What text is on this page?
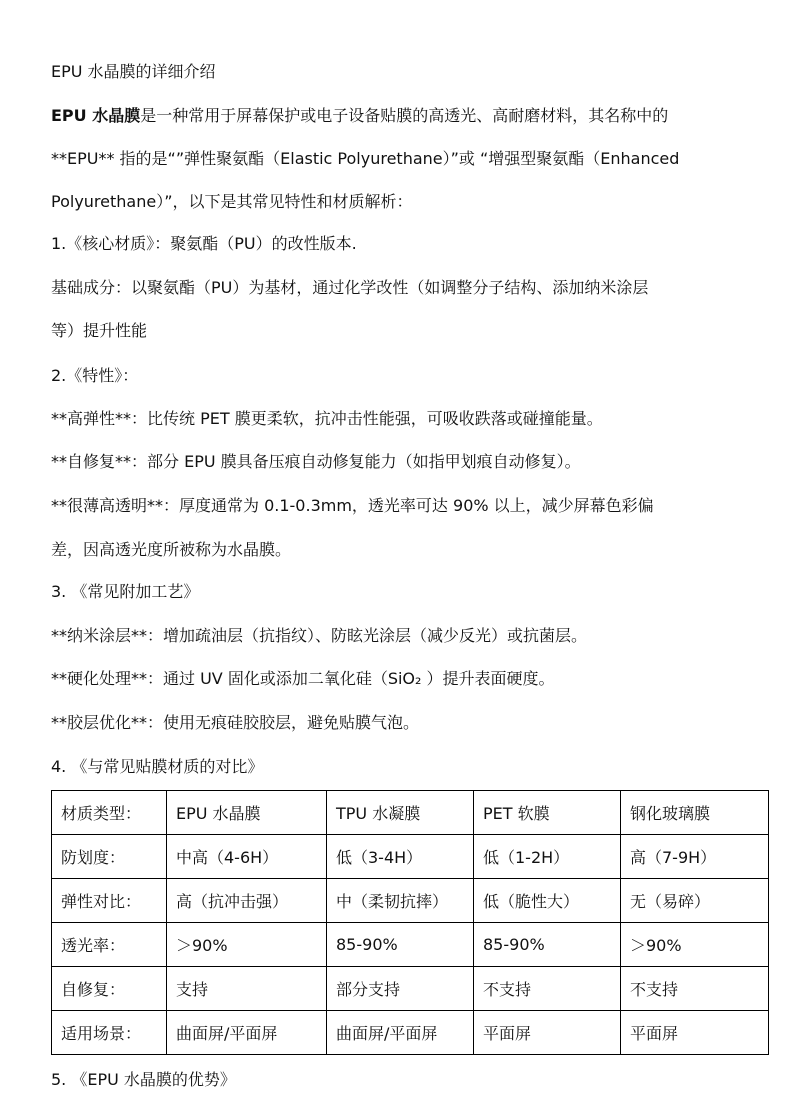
EPU 水晶膜的详细介绍
EPU 水晶膜是一种常用于屏幕保护或电子设备贴膜的高透光、高耐磨材料，其名称中的
**EPU** 指的是“”弹性聚氨酯（Elastic Polyurethane）”或 “增强型聚氨酯（Enhanced
Polyurethane）”，以下是其常见特性和材质解析：
1.《核心材质》：聚氨酯（PU）的改性版本.
基础成分：以聚氨酯（PU）为基材，通过化学改性（如调整分子结构、添加纳米涂层
等）提升性能
2.《特性》：
**高弹性**：比传统 PET 膜更柔软，抗冲击性能强，可吸收跌落或碰撞能量。
**自修复**：部分 EPU 膜具备压痕自动修复能力（如指甲划痕自动修复）。
**很薄高透明**：厚度通常为 0.1-0.3mm，透光率可达 90% 以上，减少屏幕色彩偏
差，因高透光度所被称为水晶膜。
3. 《常见附加工艺》
**纳米涂层**：增加疏油层（抗指纹）、防眩光涂层（减少反光）或抗菌层。
**硬化处理**：通过 UV 固化或添加二氧化硅（SiO₂ ）提升表面硬度。
**胶层优化**：使用无痕硅胶胶层，避免贴膜气泡。
4. 《与常见贴膜材质的对比》
材质类型：	EPU 水晶膜	TPU 水凝膜	PET 软膜	钢化玻璃膜
防划度：	中高（4-6H）	低（3-4H）	低（1-2H）	高（7-9H）
弹性对比：	高（抗冲击强）	中（柔韧抗摔）	低（脆性大）	无（易碎）
透光率：	＞90%	85-90%	85-90%	＞90%
自修复：	支持	部分支持	不支持	不支持
适用场景：	曲面屏/平面屏	曲面屏/平面屏	平面屏	平面屏
5. 《EPU 水晶膜的优势》
